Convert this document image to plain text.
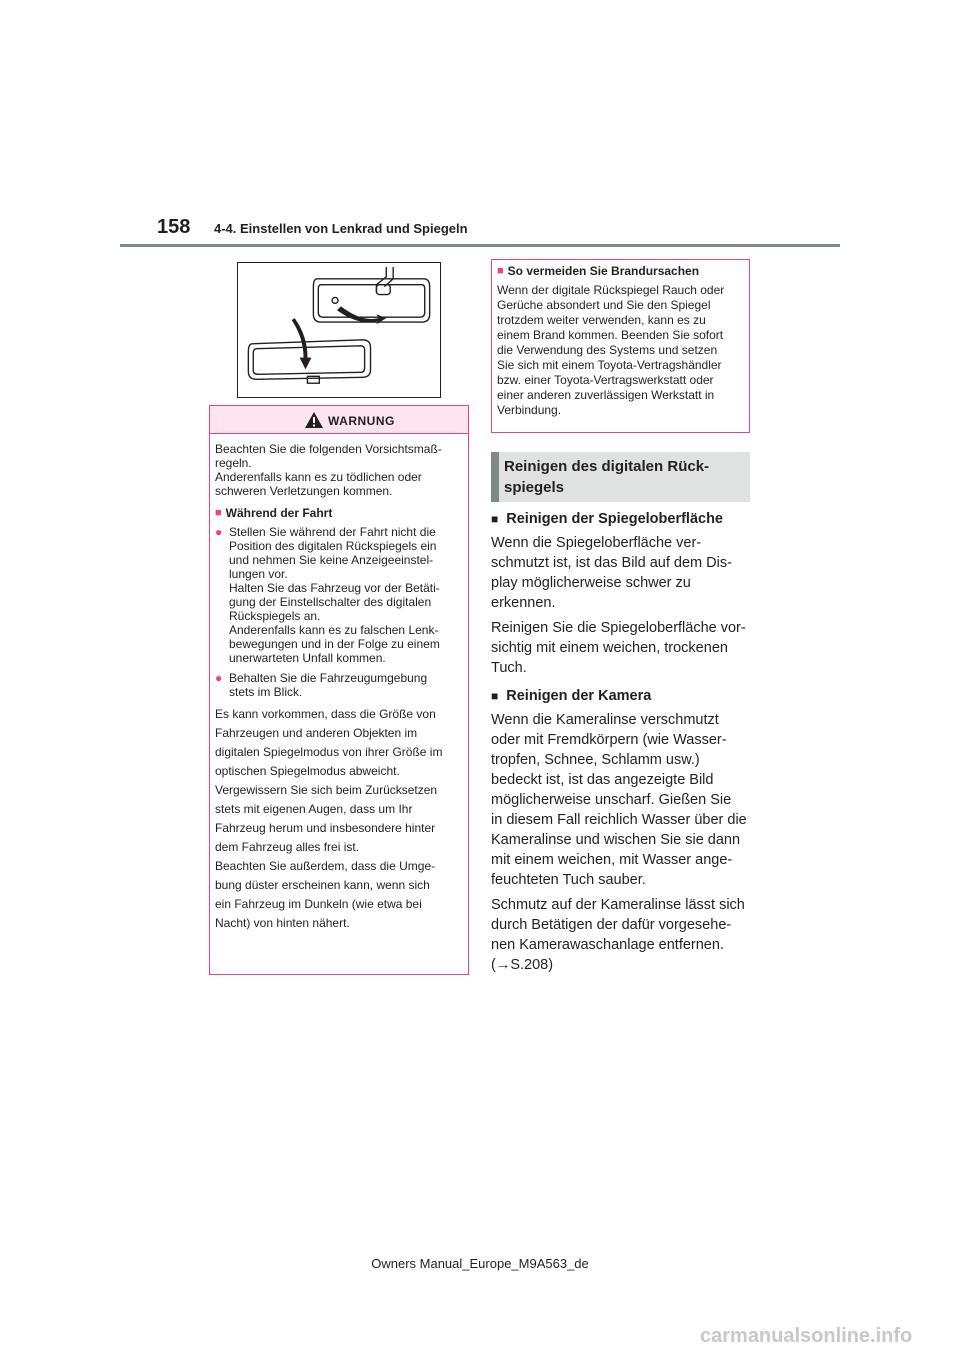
158 4-4. Einstellen von Lenkrad und Spiegeln
WARNUNG
Beachten Sie die folgenden Vorsichtsmaß-
regeln.
Anderenfalls kann es zu tödlichen oder
schweren Verletzungen kommen.
■ Während der Fahrt
● Stellen Sie während der Fahrt nicht die
Position des digitalen Rückspiegels ein
und nehmen Sie keine Anzeigeeinstel-
lungen vor.
Halten Sie das Fahrzeug vor der Betäti-
gung der Einstellschalter des digitalen
Rückspiegels an.
Anderenfalls kann es zu falschen Lenk-
bewegungen und in der Folge zu einem
unerwarteten Unfall kommen.
● Behalten Sie die Fahrzeugumgebung
stets im Blick.
Es kann vorkommen, dass die Größe von
Fahrzeugen und anderen Objekten im
digitalen Spiegelmodus von ihrer Größe im
optischen Spiegelmodus abweicht.
Vergewissern Sie sich beim Zurücksetzen
stets mit eigenen Augen, dass um Ihr
Fahrzeug herum und insbesondere hinter
dem Fahrzeug alles frei ist.
Beachten Sie außerdem, dass die Umge-
bung düster erscheinen kann, wenn sich
ein Fahrzeug im Dunkeln (wie etwa bei
Nacht) von hinten nähert.
■ So vermeiden Sie Brandursachen
Wenn der digitale Rückspiegel Rauch oder
Gerüche absondert und Sie den Spiegel
trotzdem weiter verwenden, kann es zu
einem Brand kommen. Beenden Sie sofort
die Verwendung des Systems und setzen
Sie sich mit einem Toyota-Vertragshändler
bzw. einer Toyota-Vertragswerkstatt oder
einer anderen zuverlässigen Werkstatt in
Verbindung.
Reinigen des digitalen Rück-
spiegels
■ Reinigen der Spiegeloberfläche
Wenn die Spiegeloberfläche ver-
schmutzt ist, ist das Bild auf dem Dis-
play möglicherweise schwer zu
erkennen.
Reinigen Sie die Spiegeloberfläche vor-
sichtig mit einem weichen, trockenen
Tuch.
■ Reinigen der Kamera
Wenn die Kameralinse verschmutzt
oder mit Fremdkörpern (wie Wasser-
tropfen, Schnee, Schlamm usw.)
bedeckt ist, ist das angezeigte Bild
möglicherweise unscharf. Gießen Sie
in diesem Fall reichlich Wasser über die
Kameralinse und wischen Sie sie dann
mit einem weichen, mit Wasser ange-
feuchteten Tuch sauber.
Schmutz auf der Kameralinse lässt sich
durch Betätigen der dafür vorgesehe-
nen Kamerawaschanlage entfernen.
(→S.208)
Owners Manual_Europe_M9A563_de
carmanualsonline.info
